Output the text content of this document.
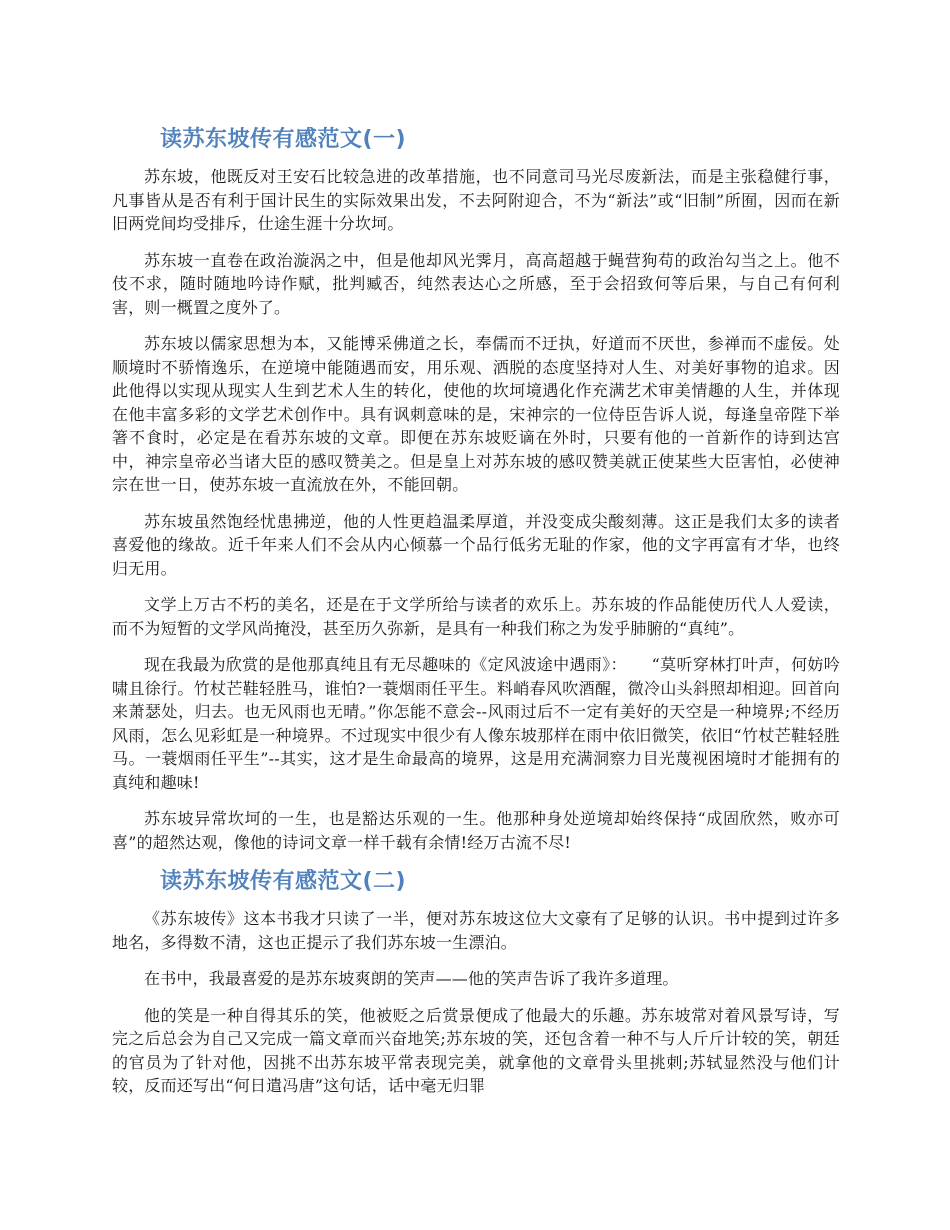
读苏东坡传有感范文(一)

苏东坡，他既反对王安石比较急进的改革措施，也不同意司马光尽废新法，而是主张稳健行事，凡事皆从是否有利于国计民生的实际效果出发，不去阿附迎合，不为“新法”或“旧制”所囿，因而在新旧两党间均受排斥，仕途生涯十分坎坷。

苏东坡一直卷在政治漩涡之中，但是他却风光霁月，高高超越于蝇营狗苟的政治勾当之上。他不伎不求，随时随地吟诗作赋，批判臧否，纯然表达心之所感，至于会招致何等后果，与自己有何利害，则一概置之度外了。

苏东坡以儒家思想为本，又能博采佛道之长，奉儒而不迂执，好道而不厌世，参禅而不虚佞。处顺境时不骄惰逸乐，在逆境中能随遇而安，用乐观、洒脱的态度坚持对人生、对美好事物的追求。因此他得以实现从现实人生到艺术人生的转化，使他的坎坷境遇化作充满艺术审美情趣的人生，并体现在他丰富多彩的文学艺术创作中。具有讽刺意味的是，宋神宗的一位侍臣告诉人说，每逢皇帝陛下举箸不食时，必定是在看苏东坡的文章。即便在苏东坡贬谪在外时，只要有他的一首新作的诗到达宫中，神宗皇帝必当诸大臣的感叹赞美之。但是皇上对苏东坡的感叹赞美就正使某些大臣害怕，必使神宗在世一日，使苏东坡一直流放在外，不能回朝。

苏东坡虽然饱经忧患拂逆，他的人性更趋温柔厚道，并没变成尖酸刻薄。这正是我们太多的读者喜爱他的缘故。近千年来人们不会从内心倾慕一个品行低劣无耻的作家，他的文字再富有才华，也终归无用。

文学上万古不朽的美名，还是在于文学所给与读者的欢乐上。苏东坡的作品能使历代人人爱读，而不为短暂的文学风尚掩没，甚至历久弥新，是具有一种我们称之为发乎肺腑的“真纯”。

现在我最为欣赏的是他那真纯且有无尽趣味的《定风波途中遇雨》：　　“莫听穿林打叶声，何妨吟啸且徐行。竹杖芒鞋轻胜马，谁怕?一蓑烟雨任平生。料峭春风吹酒醒，微冷山头斜照却相迎。回首向来萧瑟处，归去。也无风雨也无晴。”你怎能不意会--风雨过后不一定有美好的天空是一种境界;不经历风雨，怎么见彩虹是一种境界。不过现实中很少有人像东坡那样在雨中依旧微笑，依旧“竹杖芒鞋轻胜马。一蓑烟雨任平生”--其实，这才是生命最高的境界，这是用充满洞察力目光蔑视困境时才能拥有的真纯和趣味!

苏东坡异常坎坷的一生，也是豁达乐观的一生。他那种身处逆境却始终保持“成固欣然，败亦可喜”的超然达观，像他的诗词文章一样千载有余情!经万古流不尽!

读苏东坡传有感范文(二)

《苏东坡传》这本书我才只读了一半，便对苏东坡这位大文豪有了足够的认识。书中提到过许多地名，多得数不清，这也正提示了我们苏东坡一生漂泊。

在书中，我最喜爱的是苏东坡爽朗的笑声——他的笑声告诉了我许多道理。

他的笑是一种自得其乐的笑，他被贬之后赏景便成了他最大的乐趣。苏东坡常对着风景写诗，写完之后总会为自己又完成一篇文章而兴奋地笑;苏东坡的笑，还包含着一种不与人斤斤计较的笑，朝廷的官员为了针对他，因挑不出苏东坡平常表现完美，就拿他的文章骨头里挑刺;苏轼显然没与他们计较，反而还写出“何日遣冯唐”这句话，话中毫无归罪
